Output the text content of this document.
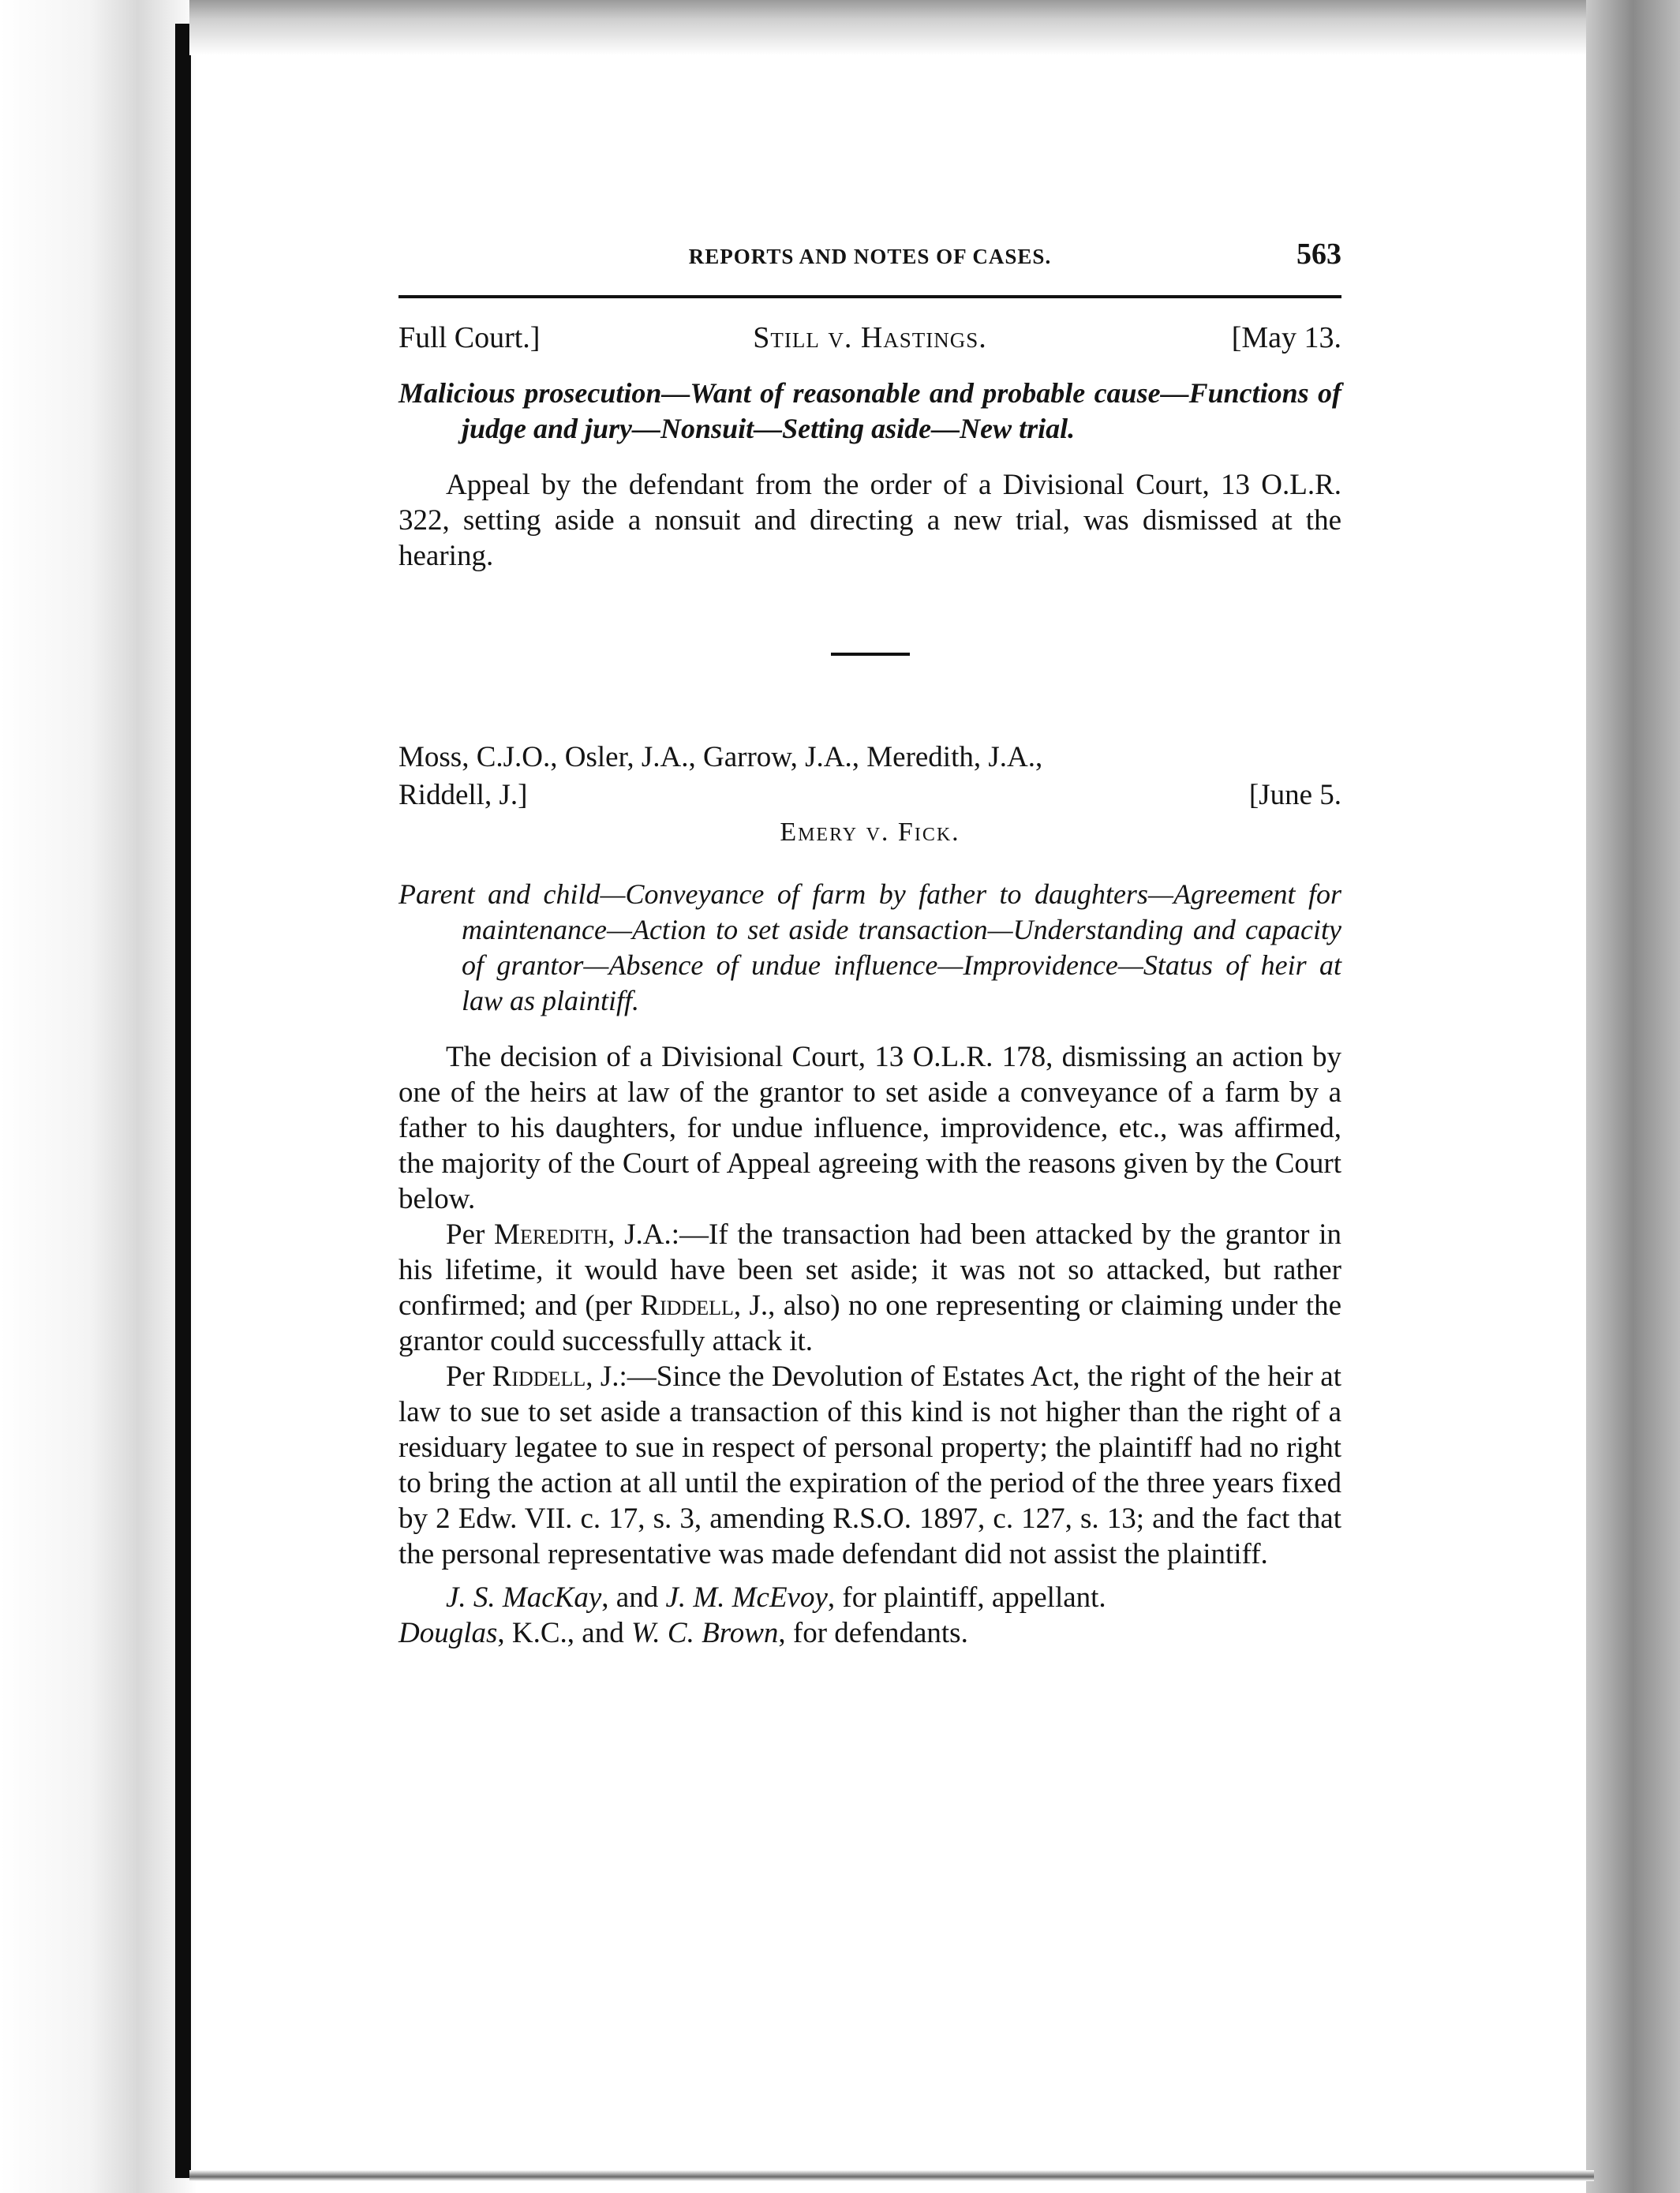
REPORTS AND NOTES OF CASES.	563
Full Court.]	Still v. Hastings.	[May 13.

Malicious prosecution—Want of reasonable and probable cause—Functions of judge and jury—Nonsuit—Setting aside—New trial.

Appeal by the defendant from the order of a Divisional Court, 13 O.L.R. 322, setting aside a nonsuit and directing a new trial, was dismissed at the hearing.

Moss, C.J.O., Osler, J.A., Garrow, J.A., Meredith, J.A.,
Riddell, J.]	[June 5.
Emery v. Fick.

Parent and child—Conveyance of farm by father to daughters—Agreement for maintenance—Action to set aside transaction—Understanding and capacity of grantor—Absence of undue influence—Improvidence—Status of heir at law as plaintiff.

The decision of a Divisional Court, 13 O.L.R. 178, dismissing an action by one of the heirs at law of the grantor to set aside a conveyance of a farm by a father to his daughters, for undue influence, improvidence, etc., was affirmed, the majority of the Court of Appeal agreeing with the reasons given by the Court below.

Per Meredith, J.A.:—If the transaction had been attacked by the grantor in his lifetime, it would have been set aside; it was not so attacked, but rather confirmed; and (per Riddell, J., also) no one representing or claiming under the grantor could successfully attack it.

Per Riddell, J.:—Since the Devolution of Estates Act, the right of the heir at law to sue to set aside a transaction of this kind is not higher than the right of a residuary legatee to sue in respect of personal property; the plaintiff had no right to bring the action at all until the expiration of the period of the three years fixed by 2 Edw. VII. c. 17, s. 3, amending R.S.O. 1897, c. 127, s. 13; and the fact that the personal representative was made defendant did not assist the plaintiff.

J. S. MacKay, and J. M. McEvoy, for plaintiff, appellant.

Douglas, K.C., and W. C. Brown, for defendants.
